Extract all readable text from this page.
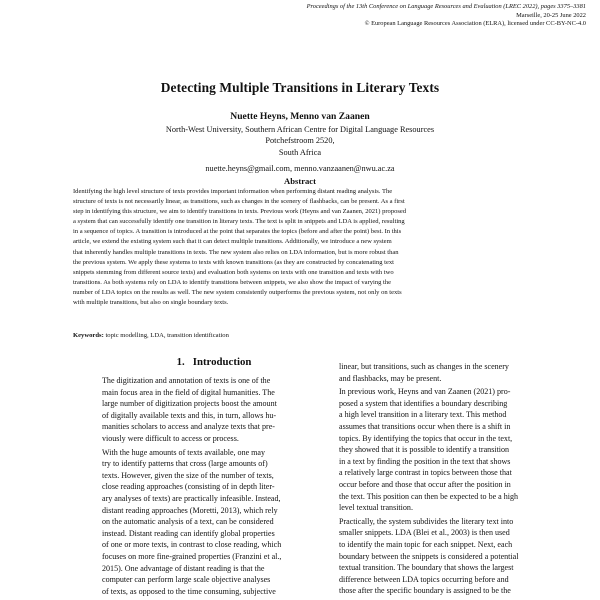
Proceedings of the 13th Conference on Language Resources and Evaluation (LREC 2022), pages 3375–3381
Marseille, 20-25 June 2022
© European Language Resources Association (ELRA), licensed under CC-BY-NC-4.0
Detecting Multiple Transitions in Literary Texts
Nuette Heyns, Menno van Zaanen
North-West University, Southern African Centre for Digital Language Resources
Potchefstroom 2520,
South Africa
nuette.heyns@gmail.com, menno.vanzaanen@nwu.ac.za
Abstract
Identifying the high level structure of texts provides important information when performing distant reading analysis. The
structure of texts is not necessarily linear, as transitions, such as changes in the scenery of flashbacks, can be present. As a first
step in identifying this structure, we aim to identify transitions in texts. Previous work (Heyns and van Zaanen, 2021) proposed
a system that can successfully identify one transition in literary texts. The text is split in snippets and LDA is applied, resulting
in a sequence of topics. A transition is introduced at the point that separates the topics (before and after the point) best. In this
article, we extend the existing system such that it can detect multiple transitions. Additionally, we introduce a new system
that inherently handles multiple transitions in texts. The new system also relies on LDA information, but is more robust than
the previous system. We apply these systems to texts with known transitions (as they are constructed by concatenating text
snippets stemming from different source texts) and evaluation both systems on texts with one transition and texts with two
transitions. As both systems rely on LDA to identify transitions between snippets, we also show the impact of varying the
number of LDA topics on the results as well. The new system consistently outperforms the previous system, not only on texts
with multiple transitions, but also on single boundary texts.
Keywords: topic modelling, LDA, transition identification
1. Introduction
The digitization and annotation of texts is one of the
main focus area in the field of digital humanities. The
large number of digitization projects boost the amount
of digitally available texts and this, in turn, allows hu-
manities scholars to access and analyze texts that pre-
viously were difficult to access or process.
With the huge amounts of texts available, one may
try to identify patterns that cross (large amounts of)
texts. However, given the size of the number of texts,
close reading approaches (consisting of in depth liter-
ary analyses of texts) are practically infeasible. Instead,
distant reading approaches (Moretti, 2013), which rely
on the automatic analysis of a text, can be considered
instead. Distant reading can identify global properties
of one or more texts, in contrast to close reading, which
focuses on more fine-grained properties (Franzini et al.,
2015). One advantage of distant reading is that the
computer can perform large scale objective analyses
of texts, as opposed to the time consuming, subjective
linear, but transitions, such as changes in the scenery
and flashbacks, may be present.
In previous work, Heyns and van Zaanen (2021) pro-
posed a system that identifies a boundary describing
a high level transition in a literary text. This method
assumes that transitions occur when there is a shift in
topics. By identifying the topics that occur in the text,
they showed that it is possible to identify a transition
in a text by finding the position in the text that shows
a relatively large contrast in topics between those that
occur before and those that occur after the position in
the text. This position can then be expected to be a high
level textual transition.
Practically, the system subdivides the literary text into
smaller snippets. LDA (Blei et al., 2003) is then used
to identify the main topic for each snippet. Next, each
boundary between the snippets is considered a potential
textual transition. The boundary that shows the largest
difference between LDA topics occurring before and
those after the specific boundary is assigned to be the
